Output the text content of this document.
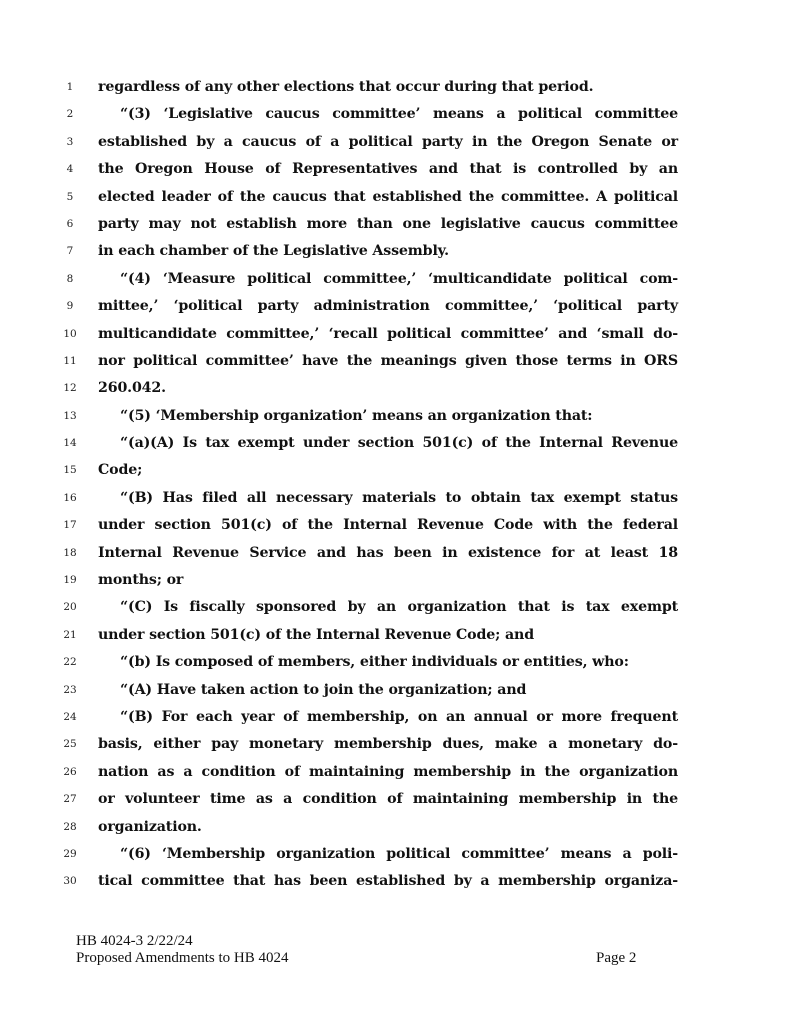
1	regardless of any other elections that occur during that period.
2	“(3) ‘Legislative caucus committee’ means a political committee
3	established by a caucus of a political party in the Oregon Senate or
4	the Oregon House of Representatives and that is controlled by an
5	elected leader of the caucus that established the committee. A political
6	party may not establish more than one legislative caucus committee
7	in each chamber of the Legislative Assembly.
8	“(4) ‘Measure political committee,’ ‘multicandidate political com-
9	mittee,’ ‘political party administration committee,’ ‘political party
10	multicandidate committee,’ ‘recall political committee’ and ‘small do-
11	nor political committee’ have the meanings given those terms in ORS
12	260.042.
13	“(5) ‘Membership organization’ means an organization that:
14	“(a)(A) Is tax exempt under section 501(c) of the Internal Revenue
15	Code;
16	“(B) Has filed all necessary materials to obtain tax exempt status
17	under section 501(c) of the Internal Revenue Code with the federal
18	Internal Revenue Service and has been in existence for at least 18
19	months; or
20	“(C) Is fiscally sponsored by an organization that is tax exempt
21	under section 501(c) of the Internal Revenue Code; and
22	“(b) Is composed of members, either individuals or entities, who:
23	“(A) Have taken action to join the organization; and
24	“(B) For each year of membership, on an annual or more frequent
25	basis, either pay monetary membership dues, make a monetary do-
26	nation as a condition of maintaining membership in the organization
27	or volunteer time as a condition of maintaining membership in the
28	organization.
29	“(6) ‘Membership organization political committee’ means a poli-
30	tical committee that has been established by a membership organiza-
HB 4024-3 2/22/24
Proposed Amendments to HB 4024	Page 2
